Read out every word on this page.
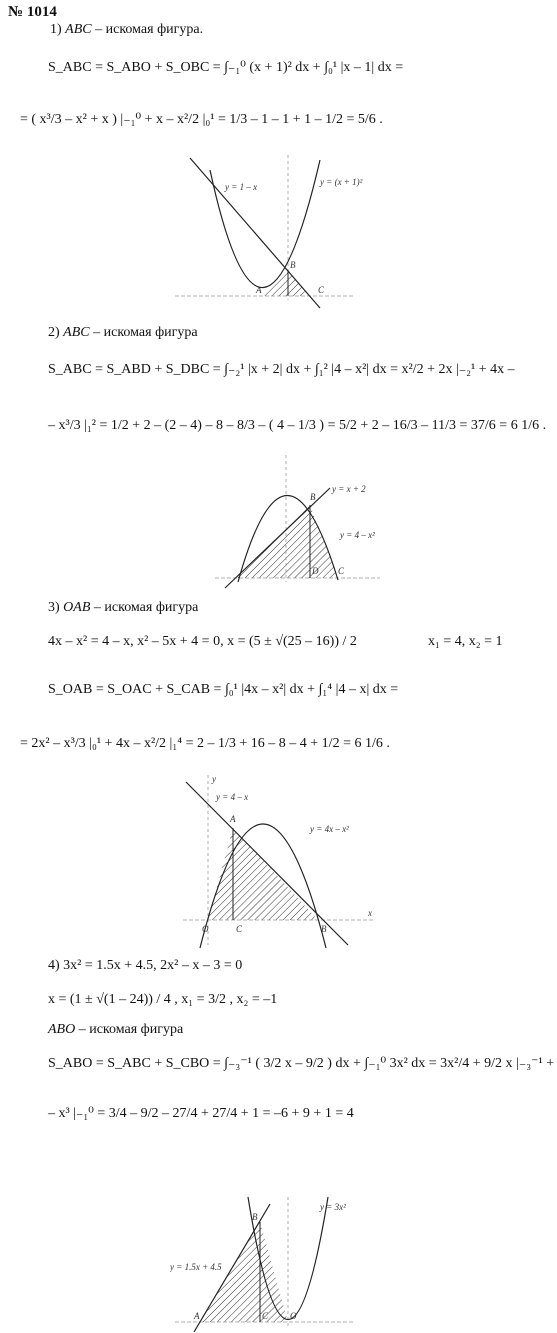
№ 1014
1) ABC – искомая фигура.
S_ABC = S_ABO + S_OBC = ∫₋₁⁰ (x + 1)² dx + ∫₀¹ |x – 1| dx =
= ( x³/3 – x² + x ) |₋₁⁰ + x – x²/2 |₀¹ = 1/3 – 1 – 1 + 1 – 1/2 = 5/6 .
y = 1 – x	y = (x + 1)²
A
B
C
2) ABC – искомая фигура
S_ABC = S_ABD + S_DBC = ∫₋₂¹ |x + 2| dx + ∫₁² |4 – x²| dx = x²/2 + 2x |₋₂¹ + 4x –
– x³/3 |₁² = 1/2 + 2 – (2 – 4) – 8 – 8/3 – ( 4 – 1/3 ) = 5/2 + 2 – 16/3 – 11/3 = 37/6 = 6 1/6 .
y = x + 2
y = 4 – x²
B
C
D
3) OAB – искомая фигура
4x – x² = 4 – x, x² – 5x + 4 = 0, x = (5 ± √(25 – 16)) / 2	x₁ = 4, x₂ = 1
S_OAB = S_OAC + S_CAB = ∫₀¹ |4x – x²| dx + ∫₁⁴ |4 – x| dx =
= 2x² – x³/3 |₀¹ + 4x – x²/2 |₁⁴ = 2 – 1/3 + 16 – 8 – 4 + 1/2 = 6 1/6 .
y = 4 – x
y = 4x – x²
A
B
C
O
x
y
4) 3x² = 1.5x + 4.5, 2x² – x – 3 = 0
x = (1 ± √(1 – 24)) / 4 , x₁ = 3/2 , x₂ = –1
ABO – искомая фигура
S_ABO = S_ABC + S_CBO = ∫₋₃⁻¹ ( 3/2 x – 9/2 ) dx + ∫₋₁⁰ 3x² dx = 3x²/4 + 9/2 x |₋₃⁻¹ +
– x³ |₋₁⁰ = 3/4 – 9/2 – 27/4 + 27/4 + 1 = –6 + 9 + 1 = 4
y = 1.5x + 4.5
y = 3x²
A
B
C O
